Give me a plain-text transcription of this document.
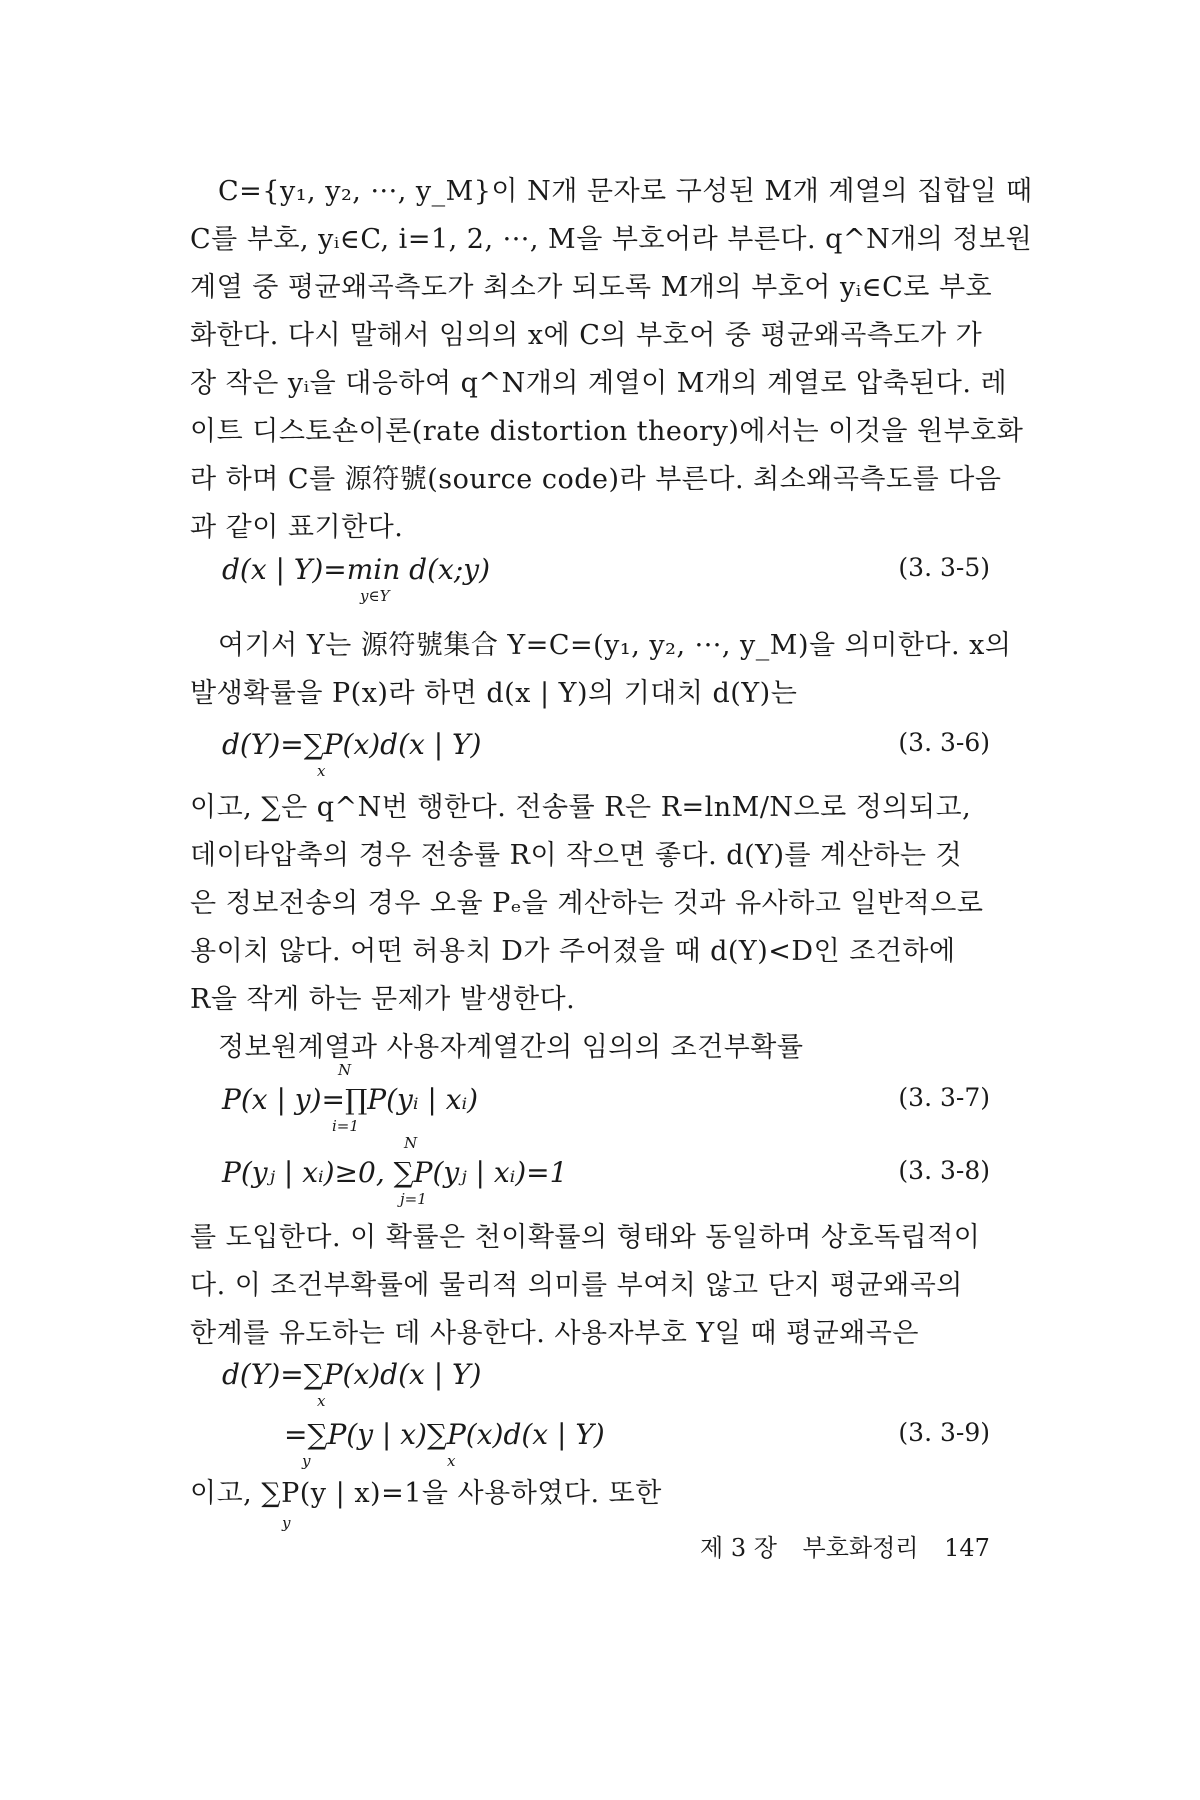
C={y₁, y₂, ···, y_M}이 N개 문자로 구성된 M개 계열의 집합일 때

C를 부호, yᵢ∈C, i=1, 2, ···, M을 부호어라 부른다. q^N개의 정보원

계열 중 평균왜곡측도가 최소가 되도록 M개의 부호어 yᵢ∈C로 부호

화한다. 다시 말해서 임의의 x에 C의 부호어 중 평균왜곡측도가 가

장 작은 yᵢ을 대응하여 q^N개의 계열이 M개의 계열로 압축된다. 레

이트 디스토숀이론(rate distortion theory)에서는 이것을 원부호화

라 하며 C를 源符號(source code)라 부른다. 최소왜곡측도를 다음

과 같이 표기한다.

d(x | Y)=min d(x;y)
y∈Y
(3. 3-5)

여기서 Y는 源符號集合 Y=C=(y₁, y₂, ···, y_M)을 의미한다. x의

발생확률을 P(x)라 하면 d(x | Y)의 기대치 d(Y)는

d(Y)=∑P(x)d(x | Y)
x
(3. 3-6)

이고, ∑은 q^N번 행한다. 전송률 R은 R=lnM/N으로 정의되고,

데이타압축의 경우 전송률 R이 작으면 좋다. d(Y)를 계산하는 것

은 정보전송의 경우 오율 Pₑ을 계산하는 것과 유사하고 일반적으로

용이치 않다. 어떤 허용치 D가 주어졌을 때 d(Y)<D인 조건하에

R을 작게 하는 문제가 발생한다.

정보원계열과 사용자계열간의 임의의 조건부확률

N
P(x | y)=∏P(yᵢ | xᵢ)
i=1
(3. 3-7)
N
P(yⱼ | xᵢ)≥0, ∑P(yⱼ | xᵢ)=1
j=1
(3. 3-8)

를 도입한다. 이 확률은 천이확률의 형태와 동일하며 상호독립적이

다. 이 조건부확률에 물리적 의미를 부여치 않고 단지 평균왜곡의

한계를 유도하는 데 사용한다. 사용자부호 Y일 때 평균왜곡은

d(Y)=∑P(x)d(x | Y)
x
=∑P(y | x)∑P(x)d(x | Y)
y	x
(3. 3-9)

이고, ∑P(y | x)=1을 사용하였다. 또한

y
제 3 장 부호화정리 147
